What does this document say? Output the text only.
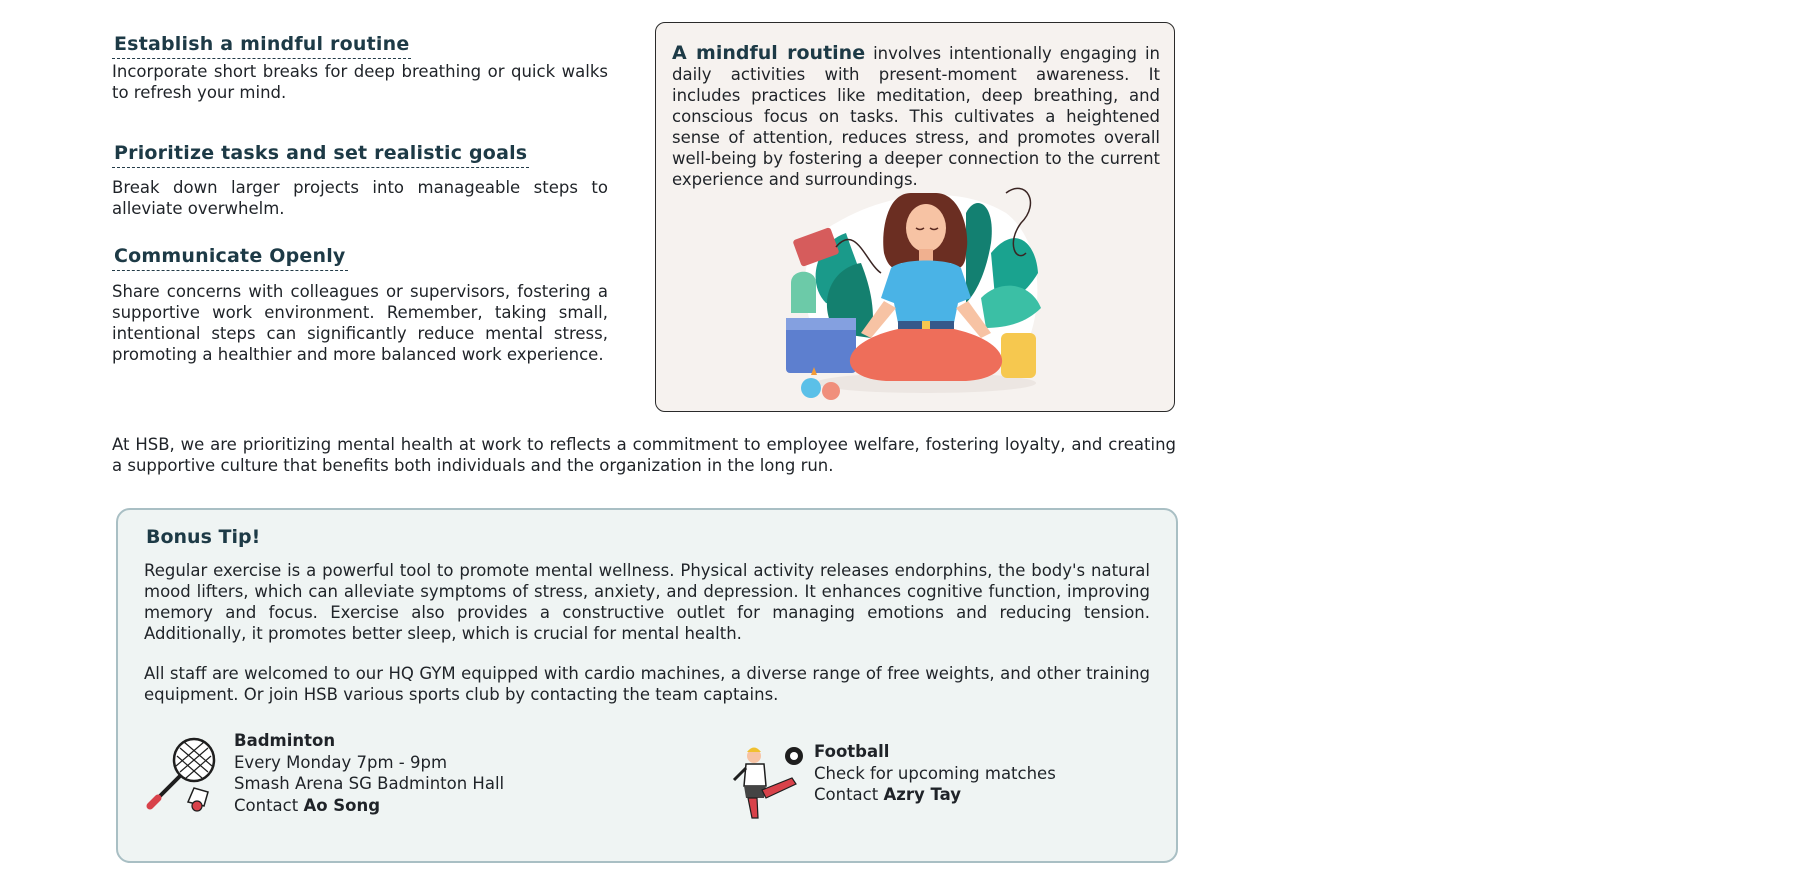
Establish a mindful routine

Incorporate short breaks for deep breathing or quick walks to refresh your mind.

Prioritize tasks and set realistic goals

Break down larger projects into manageable steps to alleviate overwhelm.

Communicate Openly

Share concerns with colleagues or supervisors, fostering a supportive work environment. Remember, taking small, intentional steps can significantly reduce mental stress, promoting a healthier and more balanced work experience.

A mindful routine involves intentionally engaging in daily activities with present-moment awareness. It includes practices like meditation, deep breathing, and conscious focus on tasks. This cultivates a heightened sense of attention, reduces stress, and promotes overall well-being by fostering a deeper connection to the current experience and surroundings.

At HSB, we are prioritizing mental health at work to reflects a commitment to employee welfare, fostering loyalty, and creating a supportive culture that benefits both individuals and the organization in the long run.

Bonus Tip!

Regular exercise is a powerful tool to promote mental wellness. Physical activity releases endorphins, the body's natural mood lifters, which can alleviate symptoms of stress, anxiety, and depression. It enhances cognitive function, improving memory and focus. Exercise also provides a constructive outlet for managing emotions and reducing tension. Additionally, it promotes better sleep, which is crucial for mental health.

All staff are welcomed to our HQ GYM equipped with cardio machines, a diverse range of free weights, and other training equipment. Or join HSB various sports club by contacting the team captains.

Badminton
Every Monday 7pm - 9pm
Smash Arena SG Badminton Hall
Contact Ao Song
Football
Check for upcoming matches
Contact Azry Tay
